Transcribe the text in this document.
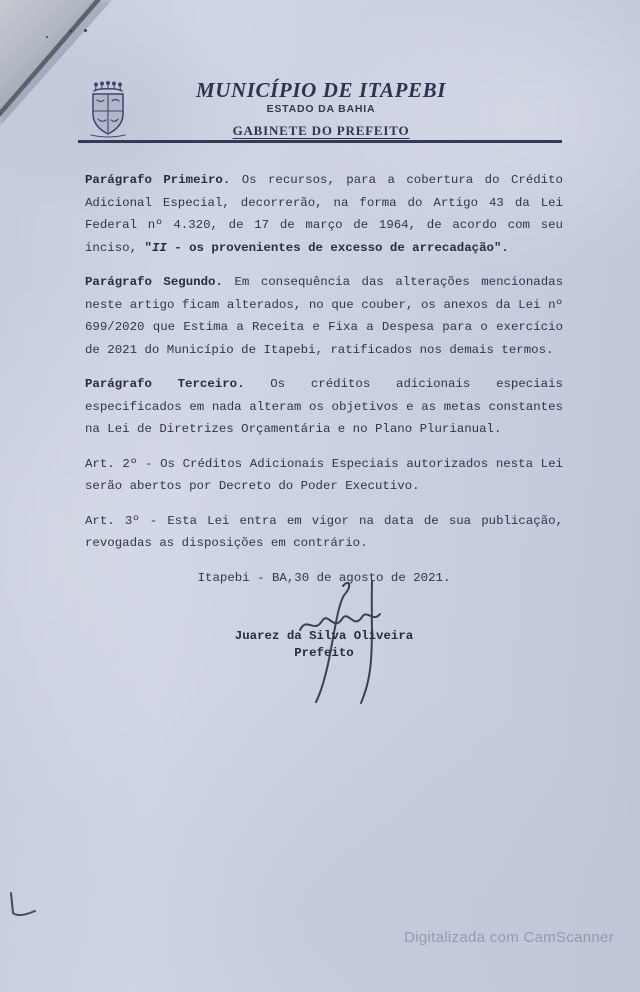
MUNICÍPIO DE ITAPEBI
ESTADO DA BAHIA
GABINETE DO PREFEITO

Parágrafo Primeiro. Os recursos, para a cobertura do Crédito Adicional Especial, decorrerão, na forma do Artigo 43 da Lei Federal nº 4.320, de 17 de março de 1964, de acordo com seu inciso, "II - os provenientes de excesso de arrecadação".

Parágrafo Segundo. Em consequência das alterações mencionadas neste artigo ficam alterados, no que couber, os anexos da Lei nº 699/2020 que Estima a Receita e Fixa a Despesa para o exercício de 2021 do Município de Itapebi, ratificados nos demais termos.

Parágrafo Terceiro. Os créditos adicionais especiais especificados em nada alteram os objetivos e as metas constantes na Lei de Diretrizes Orçamentária e no Plano Plurianual.

Art. 2º - Os Créditos Adicionais Especiais autorizados nesta Lei serão abertos por Decreto do Poder Executivo.

Art. 3º - Esta Lei entra em vigor na data de sua publicação, revogadas as disposições em contrário.

Itapebi - BA,30 de agosto de 2021.

Juarez da Silva Oliveira
Prefeito
Digitalizada com CamScanner
